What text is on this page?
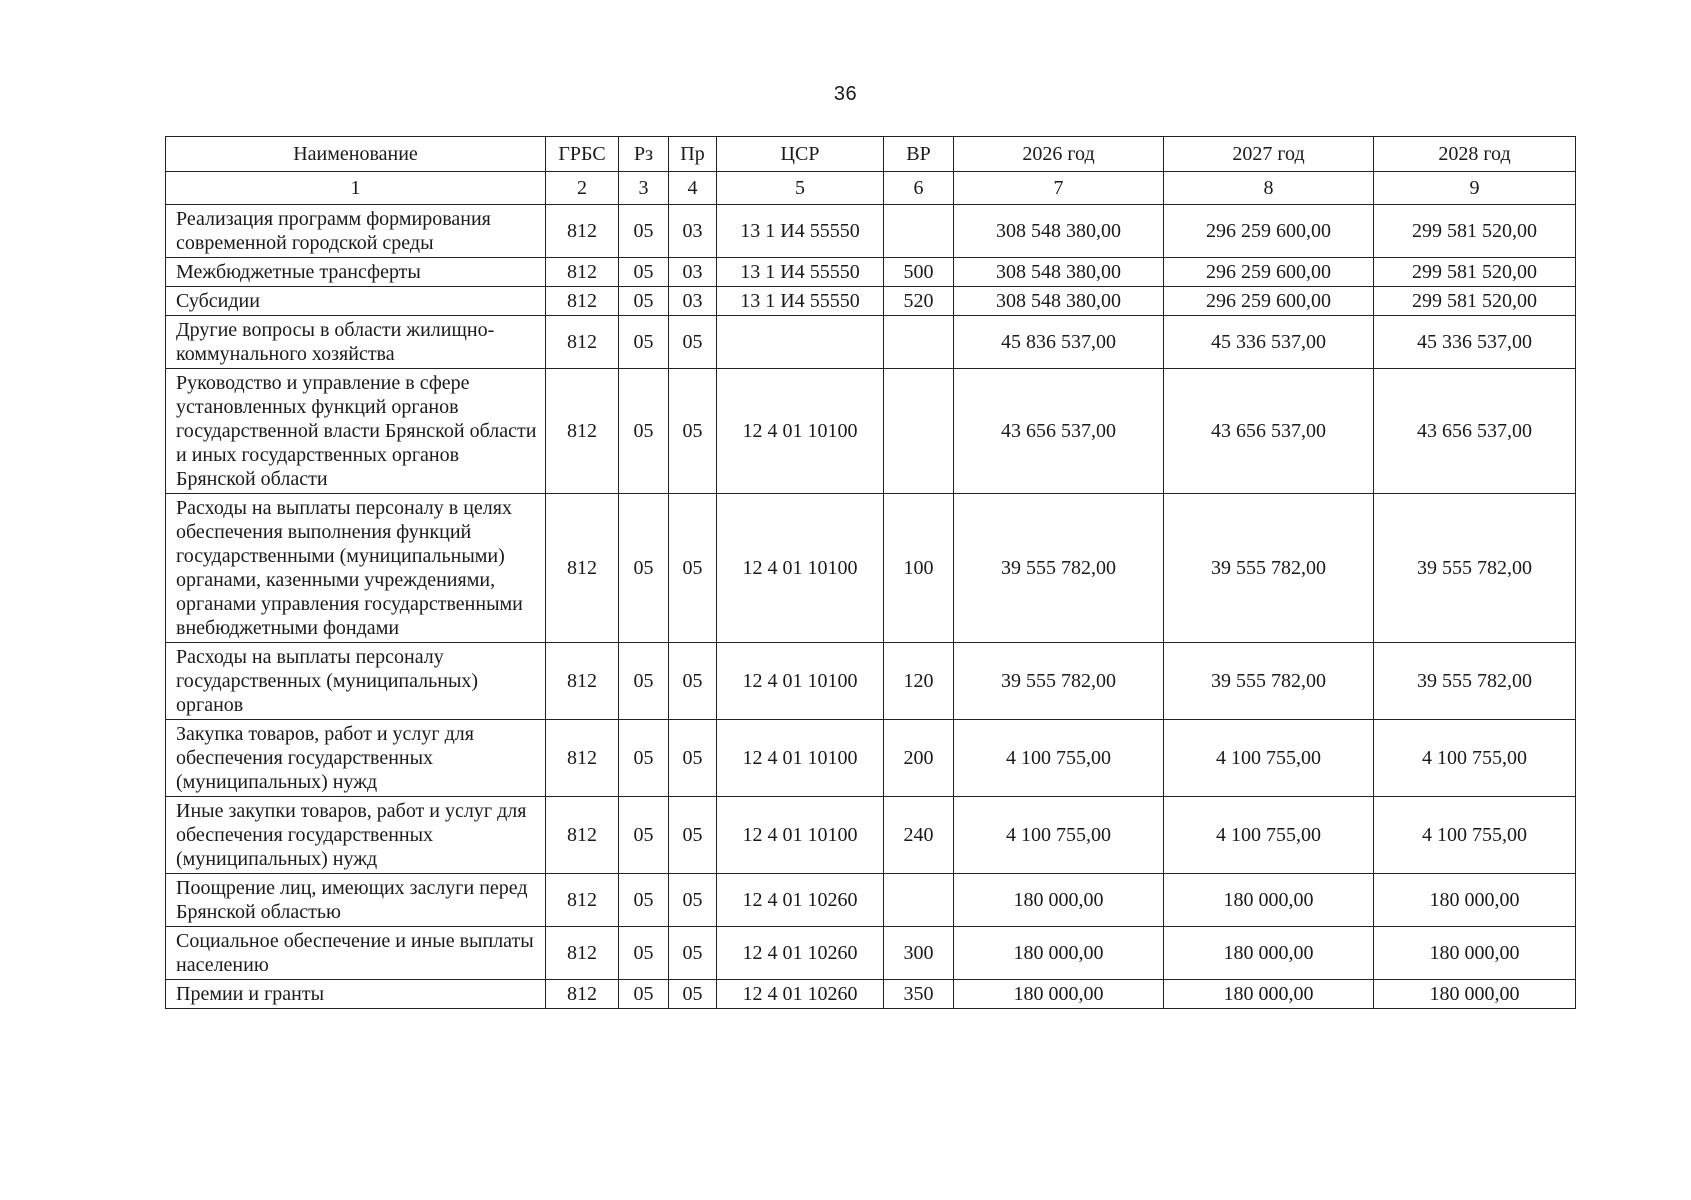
36
Наименование	ГРБС	Рз	Пр	ЦСР	ВР	2026 год	2027 год	2028 год
1	2	3	4	5	6	7	8	9
Реализация программ формирования современной городской среды	812	05	03	13 1 И4 55550		308 548 380,00	296 259 600,00	299 581 520,00
Межбюджетные трансферты	812	05	03	13 1 И4 55550	500	308 548 380,00	296 259 600,00	299 581 520,00
Субсидии	812	05	03	13 1 И4 55550	520	308 548 380,00	296 259 600,00	299 581 520,00
Другие вопросы в области жилищно-коммунального хозяйства	812	05	05			45 836 537,00	45 336 537,00	45 336 537,00
Руководство и управление в сфере установленных функций органов государственной власти Брянской области и иных государственных органов Брянской области	812	05	05	12 4 01 10100		43 656 537,00	43 656 537,00	43 656 537,00
Расходы на выплаты персоналу в целях обеспечения выполнения функций государственными (муниципальными) органами, казенными учреждениями, органами управления государственными внебюджетными фондами	812	05	05	12 4 01 10100	100	39 555 782,00	39 555 782,00	39 555 782,00
Расходы на выплаты персоналу государственных (муниципальных) органов	812	05	05	12 4 01 10100	120	39 555 782,00	39 555 782,00	39 555 782,00
Закупка товаров, работ и услуг для обеспечения государственных (муниципальных) нужд	812	05	05	12 4 01 10100	200	4 100 755,00	4 100 755,00	4 100 755,00
Иные закупки товаров, работ и услуг для обеспечения государственных (муниципальных) нужд	812	05	05	12 4 01 10100	240	4 100 755,00	4 100 755,00	4 100 755,00
Поощрение лиц, имеющих заслуги перед Брянской областью	812	05	05	12 4 01 10260		180 000,00	180 000,00	180 000,00
Социальное обеспечение и иные выплаты населению	812	05	05	12 4 01 10260	300	180 000,00	180 000,00	180 000,00
Премии и гранты	812	05	05	12 4 01 10260	350	180 000,00	180 000,00	180 000,00
